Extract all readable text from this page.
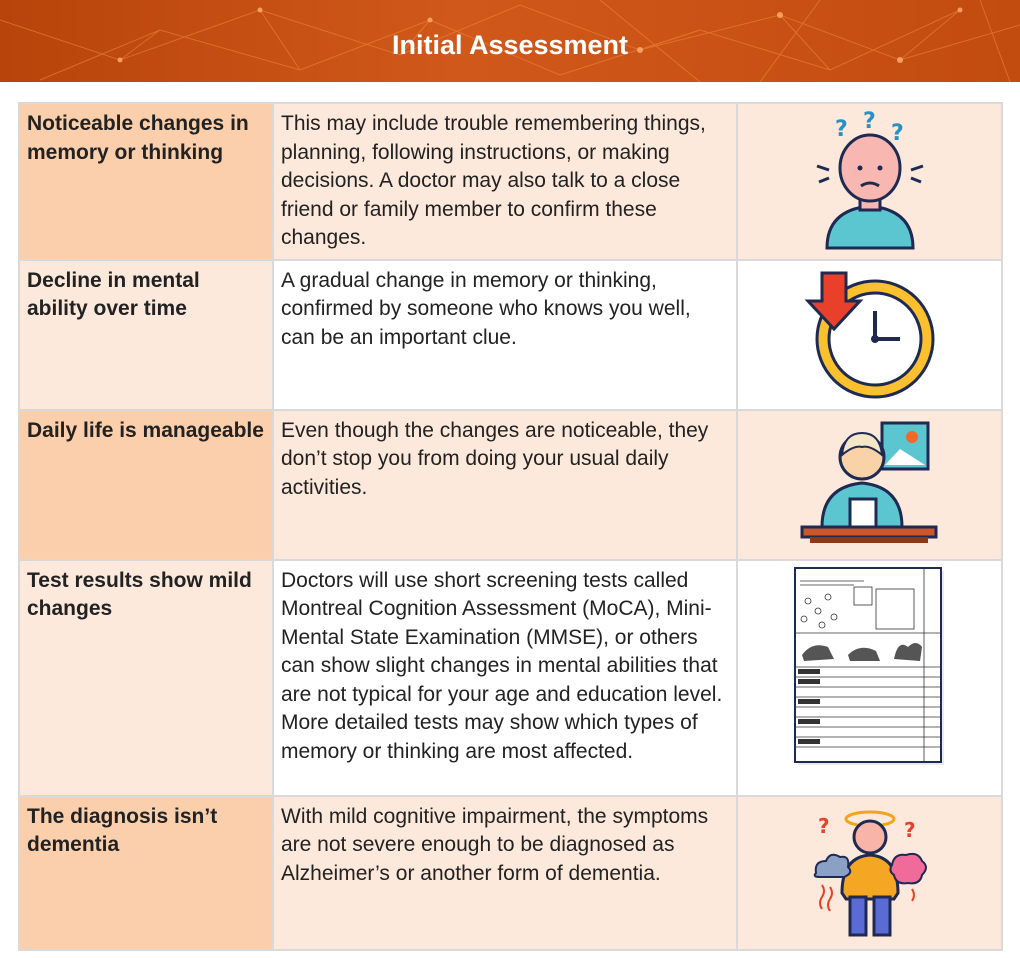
Initial Assessment
Noticeable changes in memory or thinking	This may include trouble remembering things, planning, following instructions, or making decisions. A doctor may also talk to a close friend or family member to confirm these changes.	? ? ?

Decline in mental ability over time	A gradual change in memory or thinking, confirmed by someone who knows you well, can be an important clue.	

Daily life is manageable	Even though the changes are noticeable, they don’t stop you from doing your usual daily activities.	

Test results show mild changes	Doctors will use short screening tests called Montreal Cognition Assessment (MoCA), Mini-Mental State Examination (MMSE), or others can show slight changes in mental abilities that are not typical for your age and education level. More detailed tests may show which types of memory or thinking are most affected.	

The diagnosis isn’t dementia	With mild cognitive impairment, the symptoms are not severe enough to be diagnosed as Alzheimer’s or another form of dementia.	? ?
